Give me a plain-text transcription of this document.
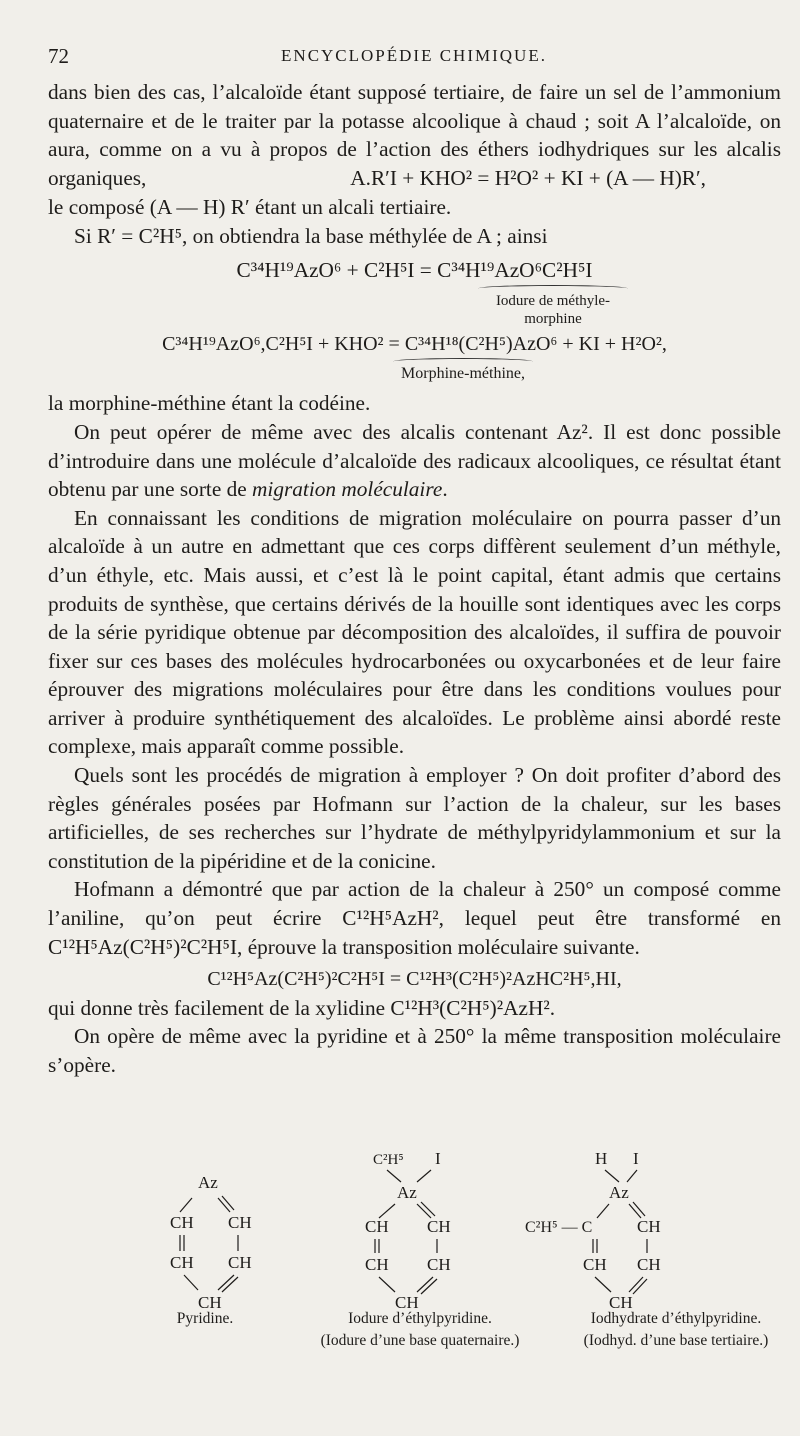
72	ENCYCLOPÉDIE CHIMIQUE.

dans bien des cas, l’alcaloïde étant supposé tertiaire, de faire un sel de l’ammonium quaternaire et de le traiter par la potasse alcoolique à chaud ; soit A l’alcaloïde, on aura, comme on a vu à propos de l’action des éthers iodhydriques sur les alcalis organiques,	A.R′I + KHO² = H²O² + KI + (A — H)R′,

le composé (A — H) R′ étant un alcali tertiaire.

Si R′ = C²H⁵, on obtiendra la base méthylée de A ; ainsi

C³⁴H¹⁹AzO⁶ + C²H⁵I = C³⁴H¹⁹AzO⁶C²H⁵I

Iodure de méthyle-
morphine

C³⁴H¹⁹AzO⁶,C²H⁵I + KHO² = C³⁴H¹⁸(C²H⁵)AzO⁶ + KI + H²O²,

Morphine-méthine,

la morphine-méthine étant la codéine.

On peut opérer de même avec des alcalis contenant Az². Il est donc possible d’introduire dans une molécule d’alcaloïde des radicaux alcooliques, ce résultat étant obtenu par une sorte de migration moléculaire.

En connaissant les conditions de migration moléculaire on pourra passer d’un alcaloïde à un autre en admettant que ces corps diffèrent seulement d’un méthyle, d’un éthyle, etc. Mais aussi, et c’est là le point capital, étant admis que certains produits de synthèse, que certains dérivés de la houille sont identiques avec les corps de la série pyridique obtenue par décomposition des alcaloïdes, il suffira de pouvoir fixer sur ces bases des molécules hydrocarbonées ou oxycarbonées et de leur faire éprouver des migrations moléculaires pour être dans les conditions voulues pour arriver à produire synthétiquement des alcaloïdes. Le problème ainsi abordé reste complexe, mais apparaît comme possible.

Quels sont les procédés de migration à employer ? On doit profiter d’abord des règles générales posées par Hofmann sur l’action de la chaleur, sur les bases artificielles, de ses recherches sur l’hydrate de méthylpyridylammonium et sur la constitution de la pipéridine et de la conicine.

Hofmann a démontré que par action de la chaleur à 250° un composé comme l’aniline, qu’on peut écrire C¹²H⁵AzH², lequel peut être transformé en C¹²H⁵Az(C²H⁵)²C²H⁵I, éprouve la transposition moléculaire suivante.

C¹²H⁵Az(C²H⁵)²C²H⁵I = C¹²H³(C²H⁵)²AzHC²H⁵,HI,

qui donne très facilement de la xylidine C¹²H³(C²H⁵)²AzH².

On opère de même avec la pyridine et à 250° la même transposition moléculaire s’opère.

Az
CH CH
CH CH
CH
C²H⁵ I
Az
CH CH
CH CH
CH
H I
Az
C²H⁵ — C	CH
CH CH
CH
Pyridine.	Iodure d’éthylpyridine.
(Iodure d’une base quaternaire.)
Iodhydrate d’éthylpyridine.
(Iodhyd. d’une base tertiaire.)
